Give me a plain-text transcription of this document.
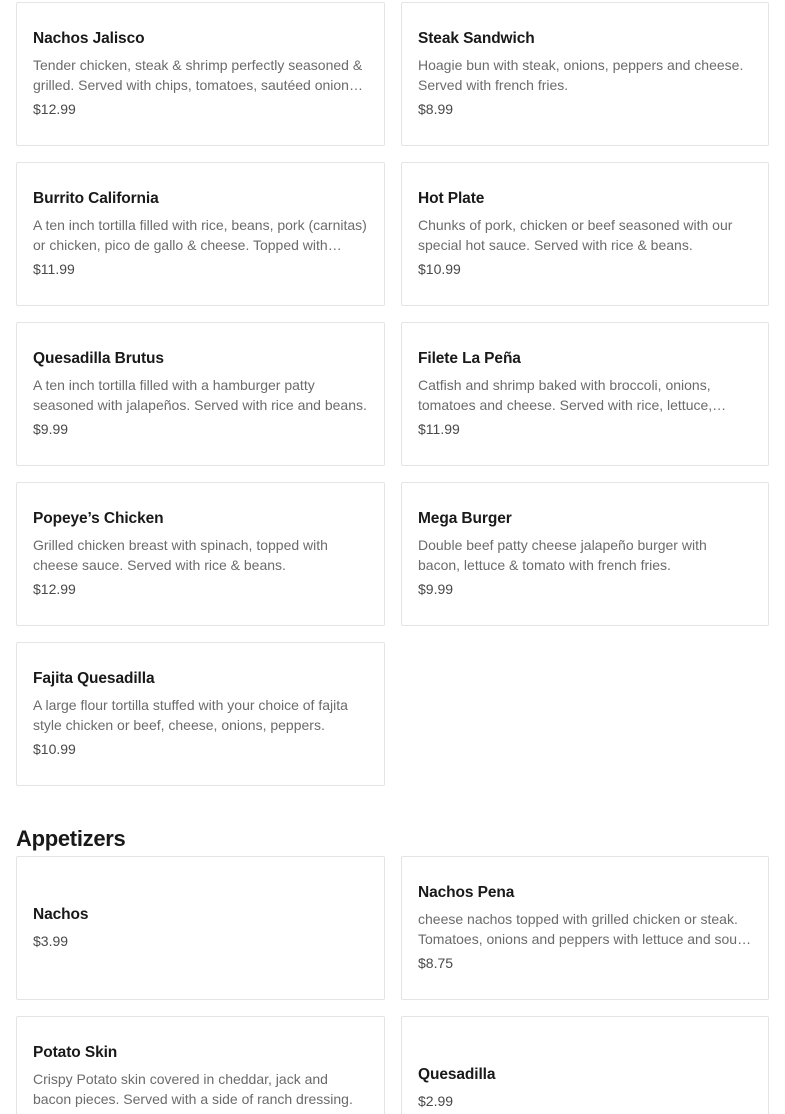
Nachos Jalisco
Tender chicken, steak & shrimp perfectly seasoned & grilled. Served with chips, tomatoes, sautéed onions
$12.99
Steak Sandwich
Hoagie bun with steak, onions, peppers and cheese. Served with french fries.
$8.99
Burrito California
A ten inch tortilla filled with rice, beans, pork (carnitas) or chicken, pico de gallo & cheese. Topped with
$11.99
Hot Plate
Chunks of pork, chicken or beef seasoned with our special hot sauce. Served with rice & beans.
$10.99
Quesadilla Brutus
A ten inch tortilla filled with a hamburger patty seasoned with jalapeños. Served with rice and beans.
$9.99
Filete La Peña
Catfish and shrimp baked with broccoli, onions, tomatoes and cheese. Served with rice, lettuce,
$11.99
Popeye’s Chicken
Grilled chicken breast with spinach, topped with cheese sauce. Served with rice & beans.
$12.99
Mega Burger
Double beef patty cheese jalapeño burger with bacon, lettuce & tomato with french fries.
$9.99
Fajita Quesadilla
A large flour tortilla stuffed with your choice of fajita style chicken or beef, cheese, onions, peppers.
$10.99
Appetizers
Nachos
$3.99
Nachos Pena
cheese nachos topped with grilled chicken or steak. Tomatoes, onions and peppers with lettuce and sour
$8.75
Potato Skin
Crispy Potato skin covered in cheddar, jack and bacon pieces. Served with a side of ranch dressing.
Quesadilla
$2.99
